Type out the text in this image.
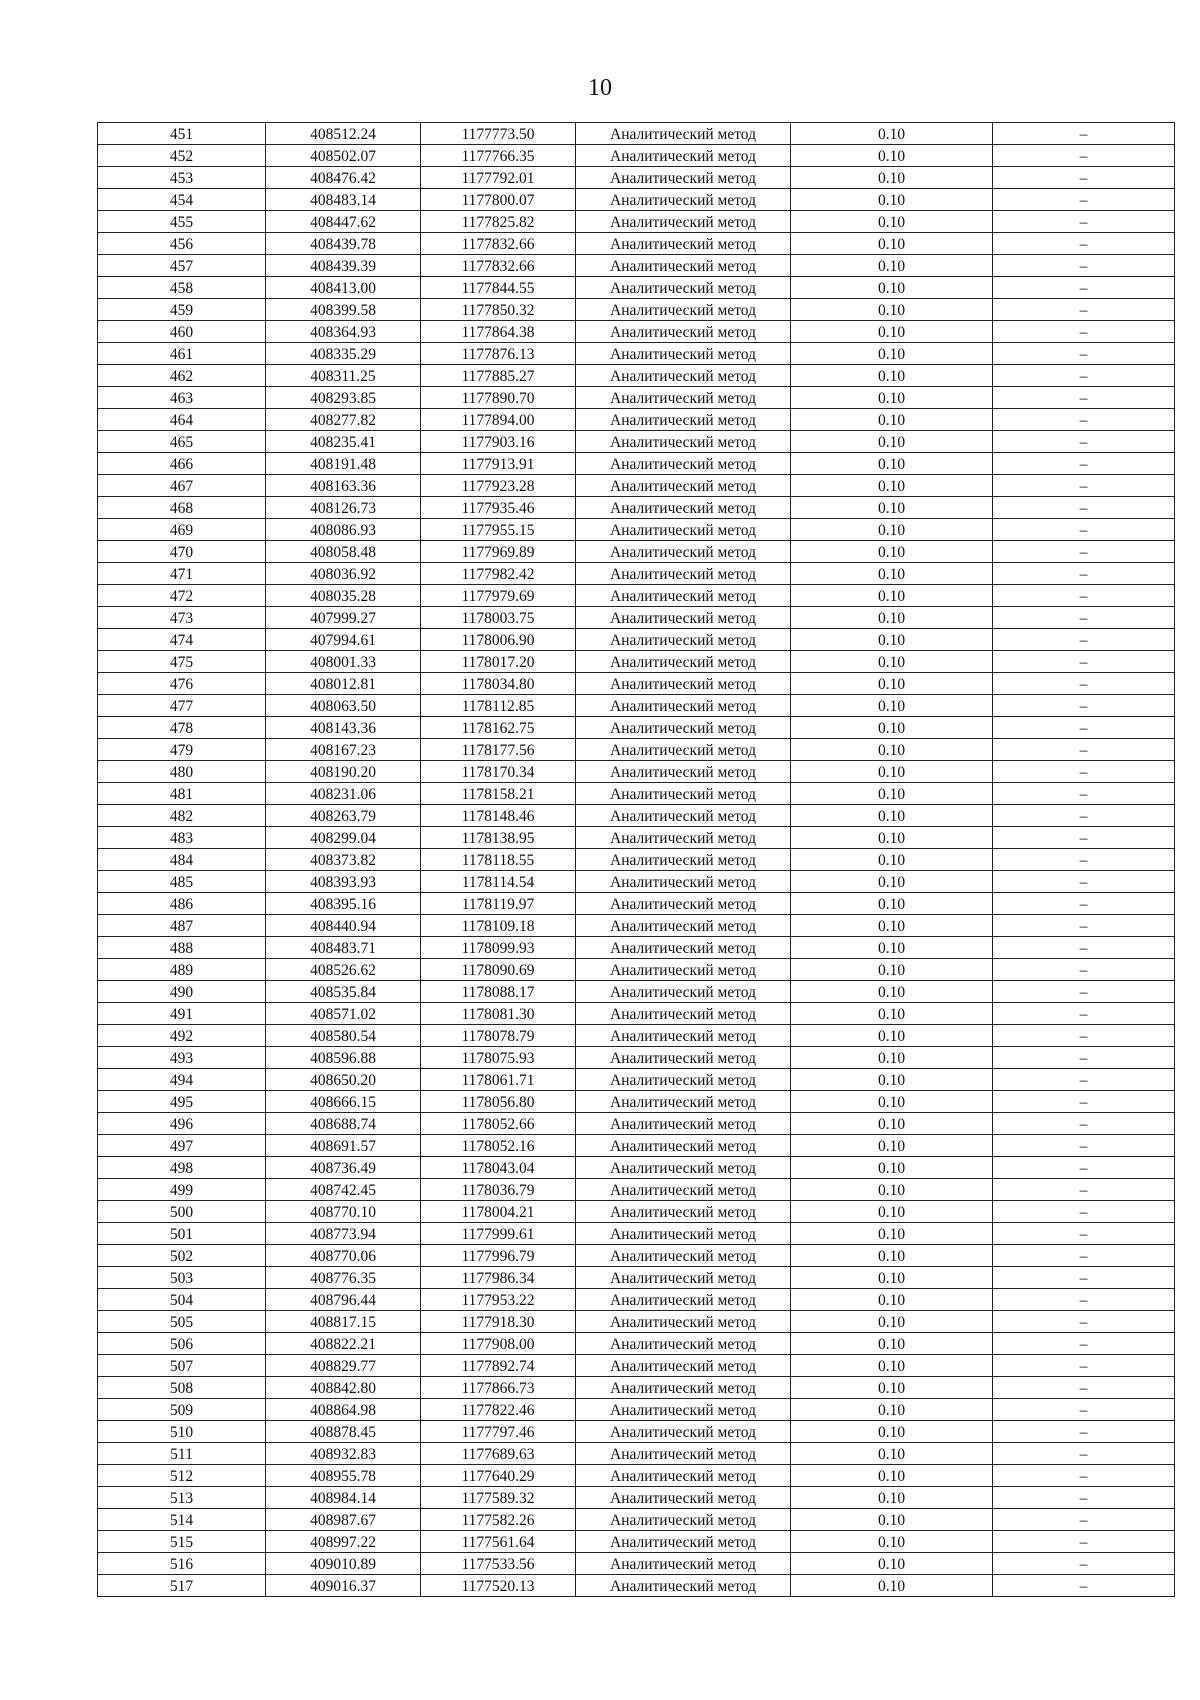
10
451	408512.24	1177773.50	Аналитический метод	0.10	–
452	408502.07	1177766.35	Аналитический метод	0.10	–
453	408476.42	1177792.01	Аналитический метод	0.10	–
454	408483.14	1177800.07	Аналитический метод	0.10	–
455	408447.62	1177825.82	Аналитический метод	0.10	–
456	408439.78	1177832.66	Аналитический метод	0.10	–
457	408439.39	1177832.66	Аналитический метод	0.10	–
458	408413.00	1177844.55	Аналитический метод	0.10	–
459	408399.58	1177850.32	Аналитический метод	0.10	–
460	408364.93	1177864.38	Аналитический метод	0.10	–
461	408335.29	1177876.13	Аналитический метод	0.10	–
462	408311.25	1177885.27	Аналитический метод	0.10	–
463	408293.85	1177890.70	Аналитический метод	0.10	–
464	408277.82	1177894.00	Аналитический метод	0.10	–
465	408235.41	1177903.16	Аналитический метод	0.10	–
466	408191.48	1177913.91	Аналитический метод	0.10	–
467	408163.36	1177923.28	Аналитический метод	0.10	–
468	408126.73	1177935.46	Аналитический метод	0.10	–
469	408086.93	1177955.15	Аналитический метод	0.10	–
470	408058.48	1177969.89	Аналитический метод	0.10	–
471	408036.92	1177982.42	Аналитический метод	0.10	–
472	408035.28	1177979.69	Аналитический метод	0.10	–
473	407999.27	1178003.75	Аналитический метод	0.10	–
474	407994.61	1178006.90	Аналитический метод	0.10	–
475	408001.33	1178017.20	Аналитический метод	0.10	–
476	408012.81	1178034.80	Аналитический метод	0.10	–
477	408063.50	1178112.85	Аналитический метод	0.10	–
478	408143.36	1178162.75	Аналитический метод	0.10	–
479	408167.23	1178177.56	Аналитический метод	0.10	–
480	408190.20	1178170.34	Аналитический метод	0.10	–
481	408231.06	1178158.21	Аналитический метод	0.10	–
482	408263.79	1178148.46	Аналитический метод	0.10	–
483	408299.04	1178138.95	Аналитический метод	0.10	–
484	408373.82	1178118.55	Аналитический метод	0.10	–
485	408393.93	1178114.54	Аналитический метод	0.10	–
486	408395.16	1178119.97	Аналитический метод	0.10	–
487	408440.94	1178109.18	Аналитический метод	0.10	–
488	408483.71	1178099.93	Аналитический метод	0.10	–
489	408526.62	1178090.69	Аналитический метод	0.10	–
490	408535.84	1178088.17	Аналитический метод	0.10	–
491	408571.02	1178081.30	Аналитический метод	0.10	–
492	408580.54	1178078.79	Аналитический метод	0.10	–
493	408596.88	1178075.93	Аналитический метод	0.10	–
494	408650.20	1178061.71	Аналитический метод	0.10	–
495	408666.15	1178056.80	Аналитический метод	0.10	–
496	408688.74	1178052.66	Аналитический метод	0.10	–
497	408691.57	1178052.16	Аналитический метод	0.10	–
498	408736.49	1178043.04	Аналитический метод	0.10	–
499	408742.45	1178036.79	Аналитический метод	0.10	–
500	408770.10	1178004.21	Аналитический метод	0.10	–
501	408773.94	1177999.61	Аналитический метод	0.10	–
502	408770.06	1177996.79	Аналитический метод	0.10	–
503	408776.35	1177986.34	Аналитический метод	0.10	–
504	408796.44	1177953.22	Аналитический метод	0.10	–
505	408817.15	1177918.30	Аналитический метод	0.10	–
506	408822.21	1177908.00	Аналитический метод	0.10	–
507	408829.77	1177892.74	Аналитический метод	0.10	–
508	408842.80	1177866.73	Аналитический метод	0.10	–
509	408864.98	1177822.46	Аналитический метод	0.10	–
510	408878.45	1177797.46	Аналитический метод	0.10	–
511	408932.83	1177689.63	Аналитический метод	0.10	–
512	408955.78	1177640.29	Аналитический метод	0.10	–
513	408984.14	1177589.32	Аналитический метод	0.10	–
514	408987.67	1177582.26	Аналитический метод	0.10	–
515	408997.22	1177561.64	Аналитический метод	0.10	–
516	409010.89	1177533.56	Аналитический метод	0.10	–
517	409016.37	1177520.13	Аналитический метод	0.10	–
